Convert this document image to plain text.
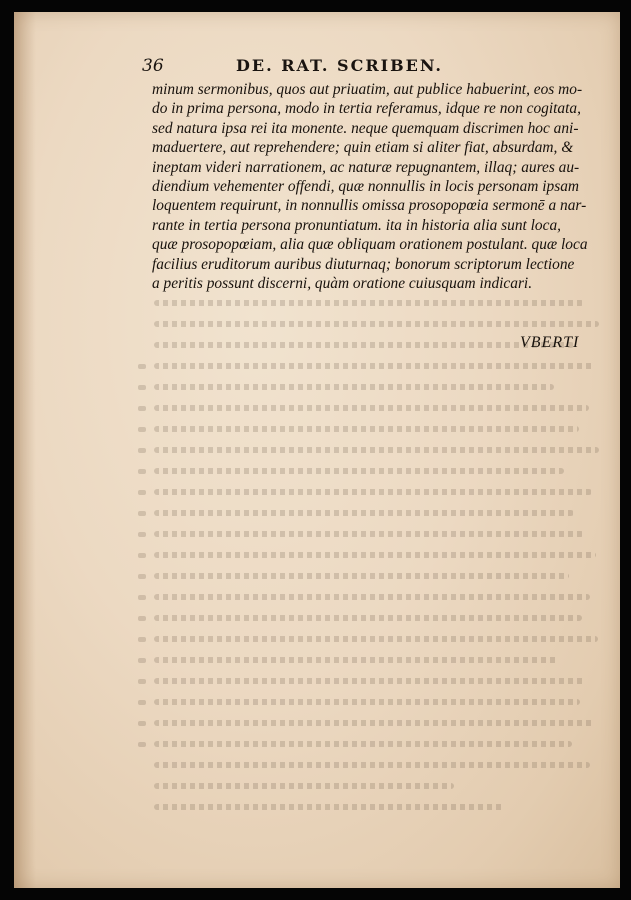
36	DE. RAT. SCRIBEN.
minum sermonibus, quos aut priuatim, aut publice habuerint, eos mo-
do in prima persona, modo in tertia referamus, idque re non cogitata,
sed natura ipsa rei ita monente. neque quemquam discrimen hoc ani-
maduertere, aut reprehendere; quin etiam si aliter fiat, absurdam, &
ineptam videri narrationem, ac naturæ repugnantem, illaq; aures au-
diendium vehementer offendi, quæ nonnullis in locis personam ipsam
loquentem requirunt, in nonnullis omissa prosopopœia sermonē a nar-
rante in tertia persona pronuntiatum. ita in historia alia sunt loca,
quæ prosopopœiam, alia quæ obliquam orationem postulant. quæ loca
facilius eruditorum auribus diuturnaq; bonorum scriptorum lectione
a peritis possunt discerni, quàm oratione cuiusquam indicari.
VBERTI
